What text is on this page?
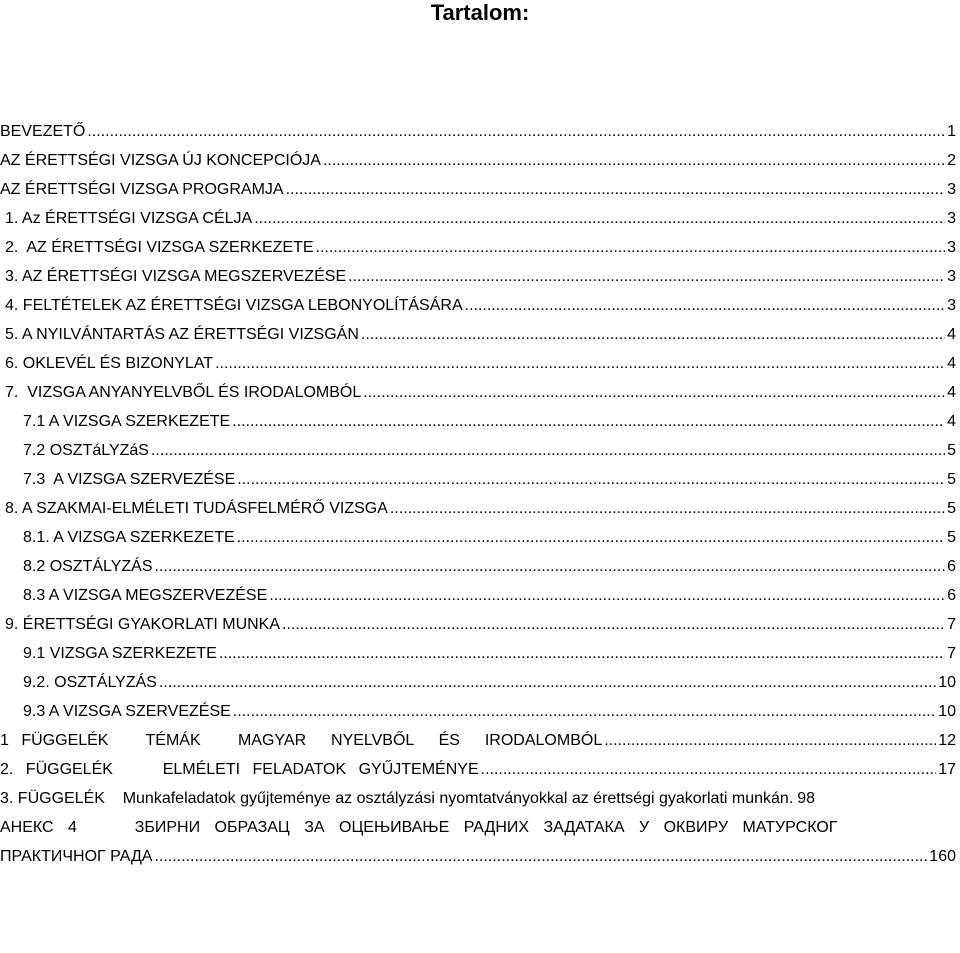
Tartalom:
BEVEZETŐ .....	1
AZ ÉRETTSÉGI VIZSGA ÚJ KONCEPCIÓJA .....	2
AZ ÉRETTSÉGI VIZSGA PROGRAMJA .....	3
1. Az ÉRETTSÉGI VIZSGA CÉLJA .....	3
2.  AZ ÉRETTSÉGI VIZSGA SZERKEZETE .....	3
3. AZ ÉRETTSÉGI VIZSGA MEGSZERVEZÉSE .....	3
4. FELTÉTELEK AZ ÉRETTSÉGI VIZSGA LEBONYOLÍTÁSÁRA .....	3
5. A NYILVÁNTARTÁS AZ ÉRETTSÉGI VIZSGÁN .....	4
6. OKLEVÉL ÉS BIZONYLAT .....	4
7.  VIZSGA ANYANYELVBŐL ÉS IRODALOMBÓL .....	4
7.1 A VIZSGA SZERKEZETE .....	4
7.2 OSZTáLYZáS .....	5
7.3  A VIZSGA SZERVEZÉSE .....	5
8. A SZAKMAI-ELMÉLETI TUDÁSFELMÉRŐ VIZSGA .....	5
8.1. A VIZSGA SZERKEZETE .....	5
8.2 OSZTÁLYZÁS .....	6
8.3 A VIZSGA MEGSZERVEZÉSE .....	6
9. ÉRETTSÉGI GYAKORLATI MUNKA .....	7
9.1 VIZSGA SZERKEZETE .....	7
9.2. OSZTÁLYZÁS .....	10
9.3 A VIZSGA SZERVEZÉSE .....	10
1 FÜGGELÉK   TÉMÁK   MAGYAR  NYELVBŐL  ÉS  IRODALOMBÓL .....	12
2. FÜGGELÉK    ELMÉLETI FELADATOK GYŰJTEMÉNYE .....	17
3. FÜGGELÉK    Munkafeladatok gyűjteménye az osztályzási nyomtatványokkal az érettségi gyakorlati munkán. 98
АНЕКС 4    ЗБИРНИ ОБРАЗАЦ ЗА ОЦЕЊИВАЊЕ РАДНИХ ЗАДАТАКА У ОКВИРУ МАТУРСКОГ
ПРАКТИЧНОГ РАДА .....	160
